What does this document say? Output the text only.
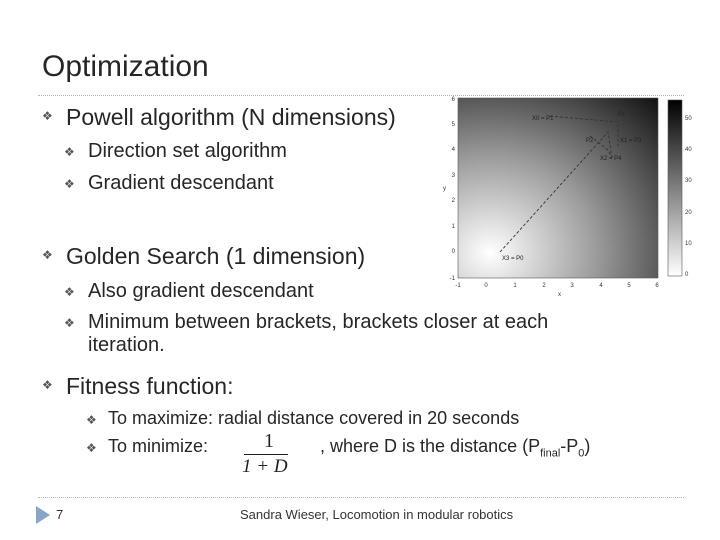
Optimization
❖ Powell algorithm (N dimensions)
❖ Direction set algorithm
❖ Gradient descendant
❖ Golden Search (1 dimension)
❖ Also gradient descendant
❖ Minimum between brackets, brackets closer at each
iteration.
❖ Fitness function:
❖ To maximize: radial distance covered in 20 seconds
❖ To minimize:	1
1 + D
, where D is the distance $(P_{final}-P_0)$
X0 = P1
P1
P2	X1 = P3
X2 = P4
X3 = P0
6
5
4
3
2
1
0
-1
y
-1	0	1	2	3	4	5	6
x
50
40
30
20
10
0
7	Sandra Wieser, Locomotion in modular robotics
